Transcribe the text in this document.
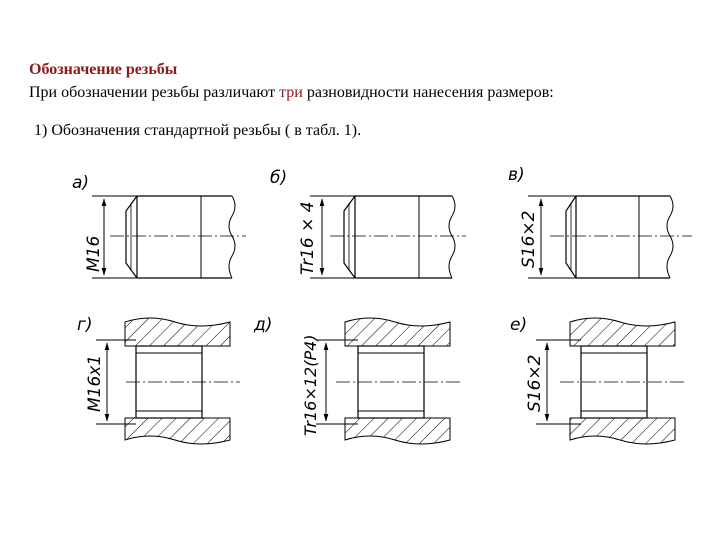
Обозначение резьбы
При обозначении резьбы различают три разновидности нанесения размеров:
1) Обозначения стандартной резьбы ( в табл. 1).
а)
М16
б)
Tr16 × 4
в)
S16×2
г)
М16х1
д)
Tr16×12(P4)
е)
S16×2
